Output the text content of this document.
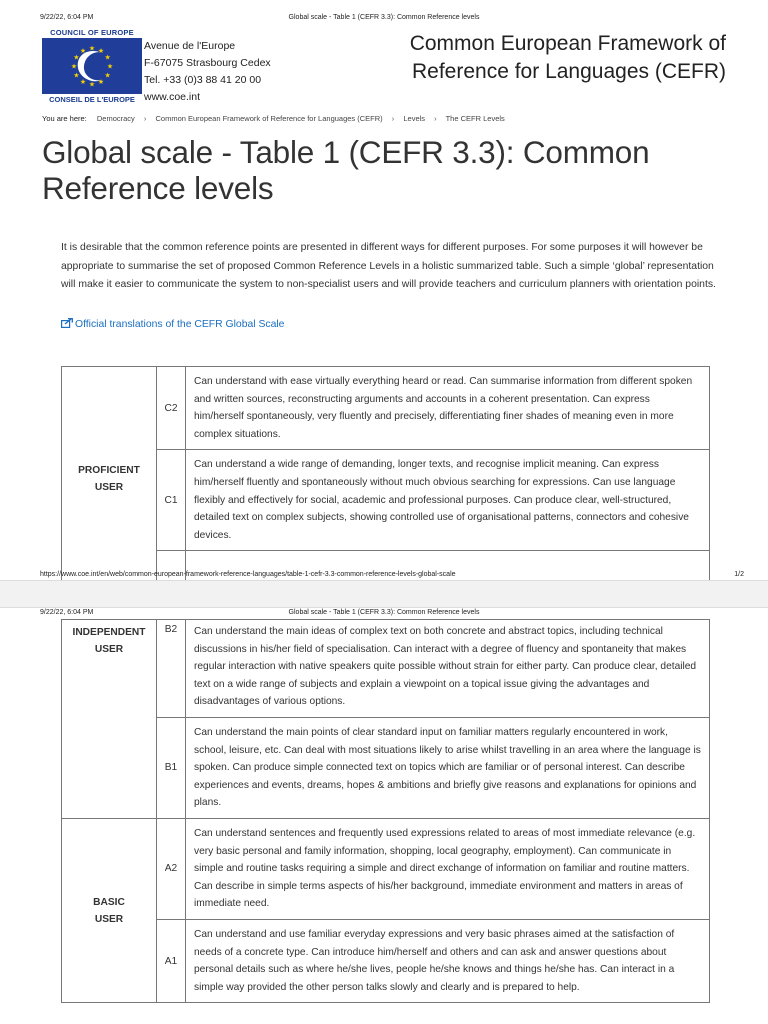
9/22/22, 6:04 PM	Global scale - Table 1 (CEFR 3.3): Common Reference levels
COUNCIL OF EUROPE
★
★
★
★
★
★
★
★
★ ★ ★
★
CONSEIL DE L'EUROPE
Avenue de l'Europe
F-67075 Strasbourg Cedex
Tel. +33 (0)3 88 41 20 00
www.coe.int
Common European Framework of Reference for Languages (CEFR)
You are here: Democracy › Common European Framework of Reference for Languages (CEFR) › Levels › The CEFR Levels
Global scale - Table 1 (CEFR 3.3): Common Reference levels

It is desirable that the common reference points are presented in different ways for different purposes. For some purposes it will however be appropriate to summarise the set of proposed Common Reference Levels in a holistic summarized table. Such a simple ‘global’ representation will make it easier to communicate the system to non-specialist users and will provide teachers and curriculum planners with orientation points.

Official translations of the CEFR Global Scale
PROFICIENT
USER	C2	Can understand with ease virtually everything heard or read. Can summarise information from different spoken and written sources, reconstructing arguments and accounts in a coherent presentation. Can express him/herself spontaneously, very fluently and precisely, differentiating finer shades of meaning even in more complex situations.
	C1	Can understand a wide range of demanding, longer texts, and recognise implicit meaning. Can express him/herself fluently and spontaneously without much obvious searching for expressions. Can use language flexibly and effectively for social, academic and professional purposes. Can produce clear, well-structured, detailed text on complex subjects, showing controlled use of organisational patterns, connectors and cohesive devices.

https://www.coe.int/en/web/common-european-framework-reference-languages/table-1-cefr-3.3-common-reference-levels-global-scale	1/2
9/22/22, 6:04 PM	Global scale - Table 1 (CEFR 3.3): Common Reference levels
INDEPENDENT
USER	B2	Can understand the main ideas of complex text on both concrete and abstract topics, including technical discussions in his/her field of specialisation. Can interact with a degree of fluency and spontaneity that makes regular interaction with native speakers quite possible without strain for either party. Can produce clear, detailed text on a wide range of subjects and explain a viewpoint on a topical issue giving the advantages and disadvantages of various options.
	B1	Can understand the main points of clear standard input on familiar matters regularly encountered in work, school, leisure, etc. Can deal with most situations likely to arise whilst travelling in an area where the language is spoken. Can produce simple connected text on topics which are familiar or of personal interest. Can describe experiences and events, dreams, hopes & ambitions and briefly give reasons and explanations for opinions and plans.

BASIC
USER	A2	Can understand sentences and frequently used expressions related to areas of most immediate relevance (e.g. very basic personal and family information, shopping, local geography, employment). Can communicate in simple and routine tasks requiring a simple and direct exchange of information on familiar and routine matters. Can describe in simple terms aspects of his/her background, immediate environment and matters in areas of immediate need.
	A1	Can understand and use familiar everyday expressions and very basic phrases aimed at the satisfaction of needs of a concrete type. Can introduce him/herself and others and can ask and answer questions about personal details such as where he/she lives, people he/she knows and things he/she has. Can interact in a simple way provided the other person talks slowly and clearly and is prepared to help.
